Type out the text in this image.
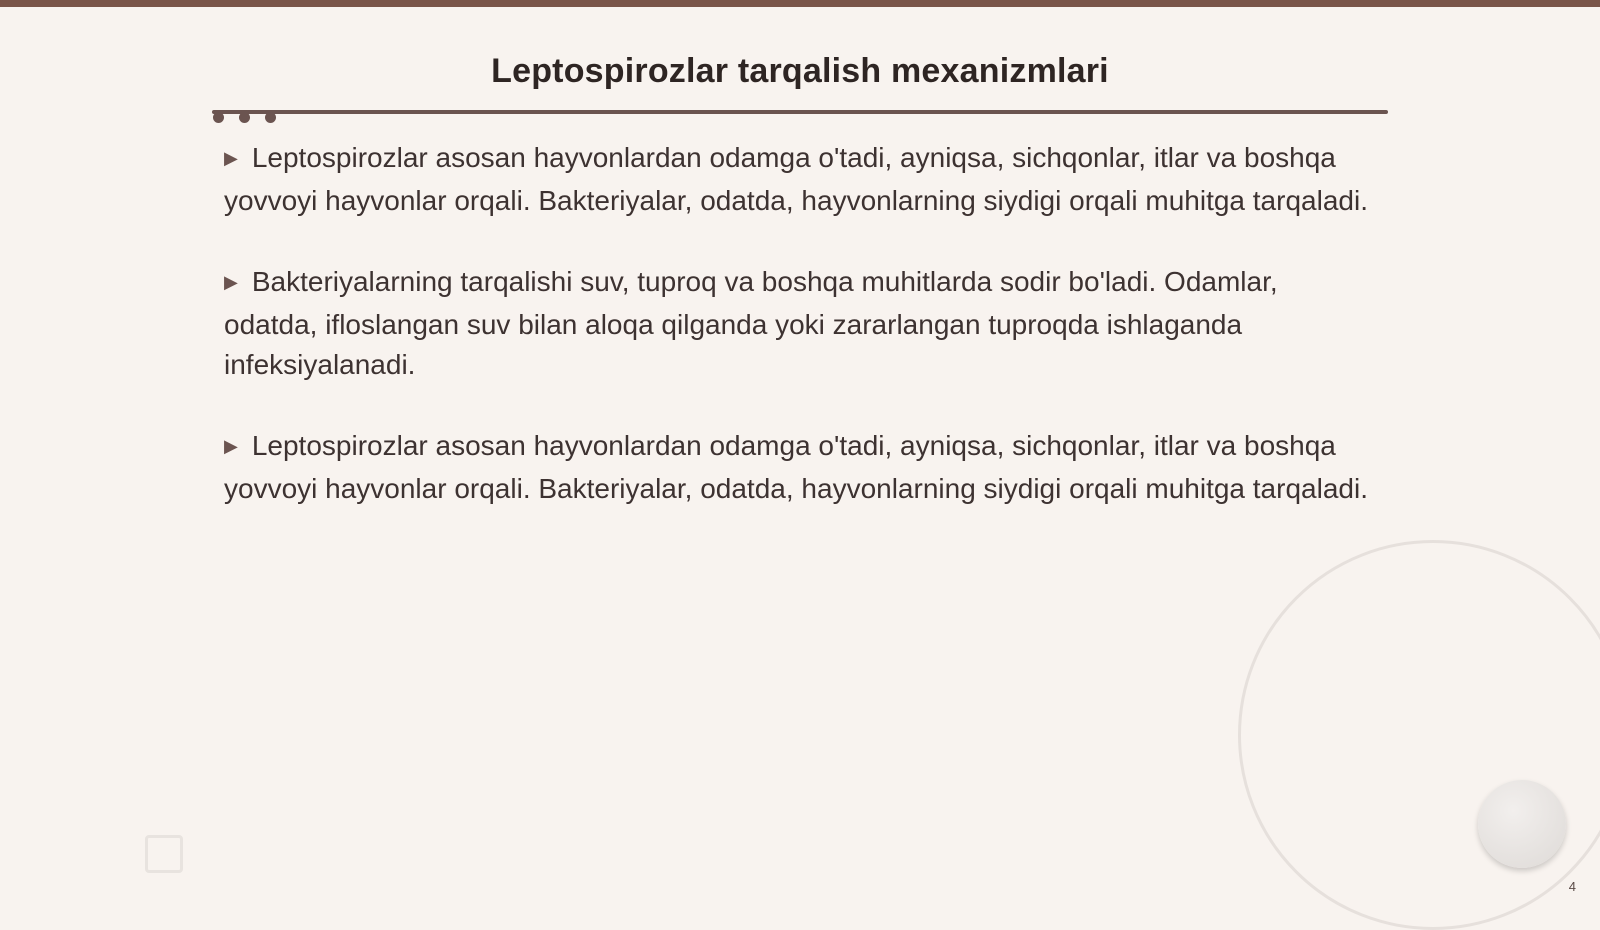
Leptospirozlar tarqalish mexanizmlari

▶ Leptospirozlar asosan hayvonlardan odamga o'tadi, ayniqsa, sichqonlar, itlar va boshqa yovvoyi hayvonlar orqali. Bakteriyalar, odatda, hayvonlarning siydigi orqali muhitga tarqaladi.

▶ Bakteriyalarning tarqalishi suv, tuproq va boshqa muhitlarda sodir bo'ladi. Odamlar, odatda, ifloslangan suv bilan aloqa qilganda yoki zararlangan tuproqda ishlaganda infeksiyalanadi.

▶ Leptospirozlar asosan hayvonlardan odamga o'tadi, ayniqsa, sichqonlar, itlar va boshqa yovvoyi hayvonlar orqali. Bakteriyalar, odatda, hayvonlarning siydigi orqali muhitga tarqaladi.

4
